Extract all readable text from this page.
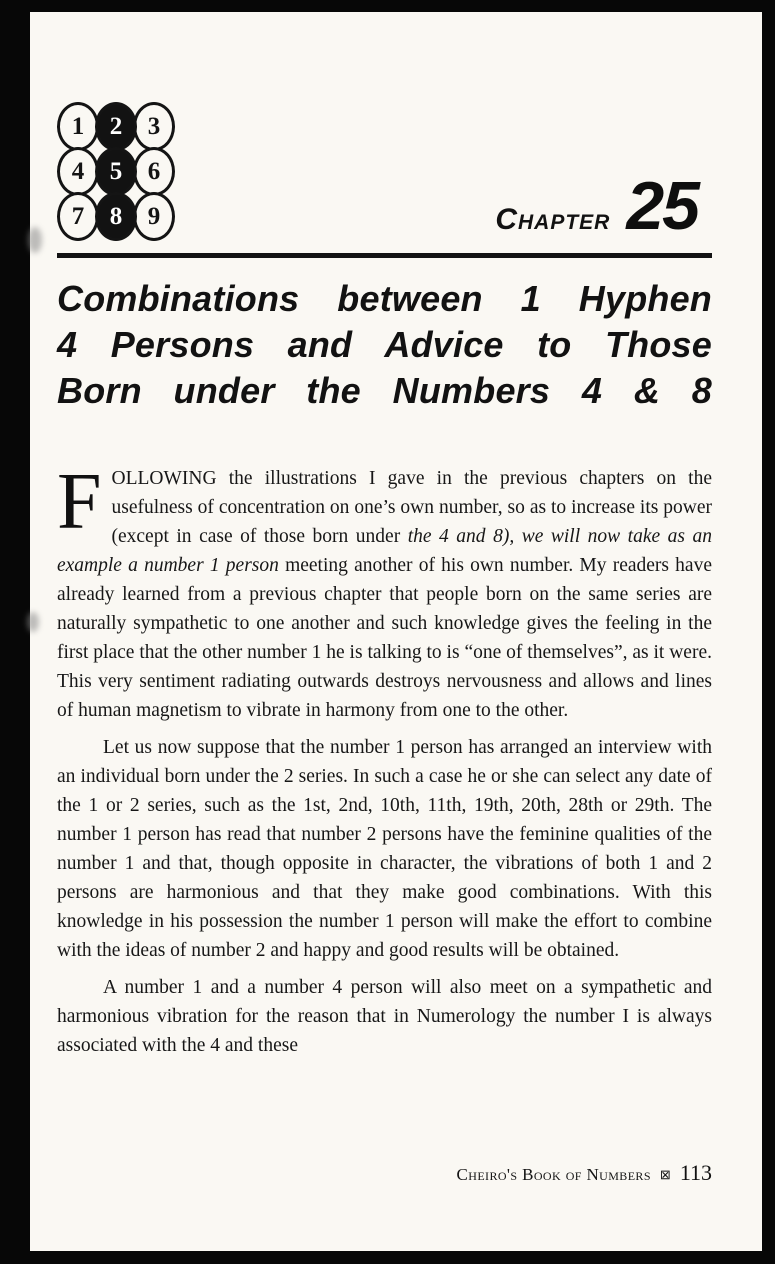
1	2	3
4	5	6
7	8	9	Chapter 25
Combinations between 1 Hyphen
4 Persons and Advice to Those
Born under the Numbers 4 & 8

FOLLOWING the illustrations I gave in the previous chapters on the usefulness of concentration on one’s own number, so as to increase its power (except in case of those born under the 4 and 8), we will now take as an example a number 1 person meeting another of his own number. My readers have already learned from a previous chapter that people born on the same series are naturally sympathetic to one another and such knowledge gives the feeling in the first place that the other number 1 he is talking to is “one of themselves”, as it were. This very sentiment radiating outwards destroys nervousness and allows and lines of human magnetism to vibrate in harmony from one to the other.

Let us now suppose that the number 1 person has arranged an interview with an individual born under the 2 series. In such a case he or she can select any date of the 1 or 2 series, such as the 1st, 2nd, 10th, 11th, 19th, 20th, 28th or 29th. The number 1 person has read that number 2 persons have the feminine qualities of the number 1 and that, though opposite in character, the vibrations of both 1 and 2 persons are harmonious and that they make good combinations. With this knowledge in his possession the number 1 person will make the effort to combine with the ideas of number 2 and happy and good results will be obtained.

A number 1 and a number 4 person will also meet on a sympathetic and harmonious vibration for the reason that in Numerology the number I is always associated with the 4 and these

Cheiro's Book of Numbers ⊠ 113
